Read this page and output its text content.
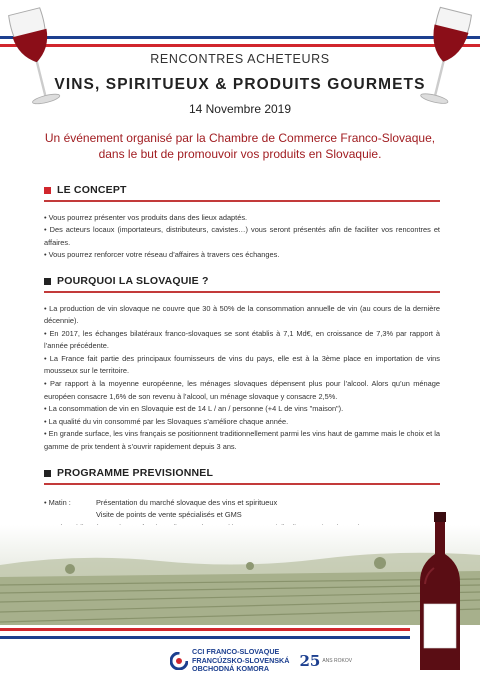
RENCONTRES ACHETEURS
VINS, SPIRITUEUX & PRODUITS GOURMETS
14 Novembre 2019
Un événement organisé par la Chambre de Commerce Franco-Slovaque,
dans le but de promouvoir vos produits en Slovaquie.
LE CONCEPT

• Vous pourrez présenter vos produits dans des lieux adaptés.

• Des acteurs locaux (importateurs, distributeurs, cavistes…) vous seront présentés afin de faciliter vos rencontres et affaires.

• Vous pourrez renforcer votre réseau d’affaires à travers ces échanges.

POURQUOI LA SLOVAQUIE ?

• La production de vin slovaque ne couvre que 30 à 50% de la consommation annuelle de vin (au cours de la dernière décennie).

• En 2017, les échanges bilatéraux franco-slovaques se sont établis à 7,1 Md€, en croissance de 7,3% par rapport à l’année précédente.

• La France fait partie des principaux fournisseurs de vins du pays, elle est à la 3ème place en importation de vins mousseux sur le territoire.

• Par rapport à la moyenne européenne, les ménages slovaques dépensent plus pour l’alcool. Alors qu’un ménage européen consacre 1,6% de son revenu à l’alcool, un ménage slovaque y consacre 2,5%.

• La consommation de vin en Slovaquie est de 14 L / an / personne (+4 L de vins "maison").

• La qualité du vin consommé par les Slovaques s’améliore chaque année.

• En grande surface, les vins français se positionnent traditionnellement parmi les vins haut de gamme mais le choix et la gamme de prix tendent à s’ouvrir rapidement depuis 3 ans.

PROGRAMME PREVISIONNEL
• Matin :	Présentation du marché slovaque des vins et spiritueux
Visite de points de vente spécialisés et GMS
CCI FRANCO-SLOVAQUE
FRANCÚZSKO-SLOVENSKÁ
OBCHODNÁ KOMORA	25 ANS ROKOV
